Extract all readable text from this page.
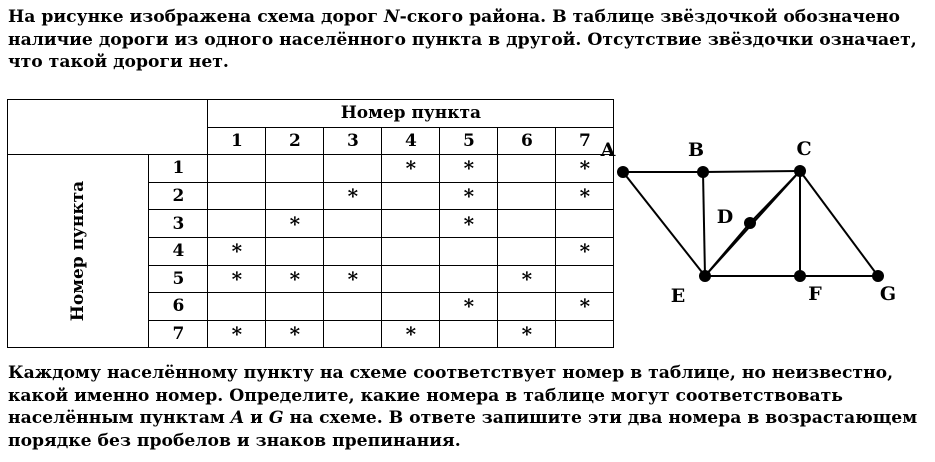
На рисунке изображена схема дорог N-ского района. В таблице звёздочкой обозначено
наличие дороги из одного населённого пункта в другой. Отсутствие звёздочки означает,
что такой дороги нет.
		Номер пункта						
		1	2	3	4	5	6	7
Номер пункта	1				*	*		*
	2			*		*		*
	3		*			*		
	4	*						*
	5	*	*	*			*	
	6					*		*
	7	*	*		*		*	
A	B	C
D
E	F	G
Каждому населённому пункту на схеме соответствует номер в таблице, но неизвестно,
какой именно номер. Определите, какие номера в таблице могут соответствовать
населённым пунктам A и G на схеме. В ответе запишите эти два номера в возрастающем
порядке без пробелов и знаков препинания.
